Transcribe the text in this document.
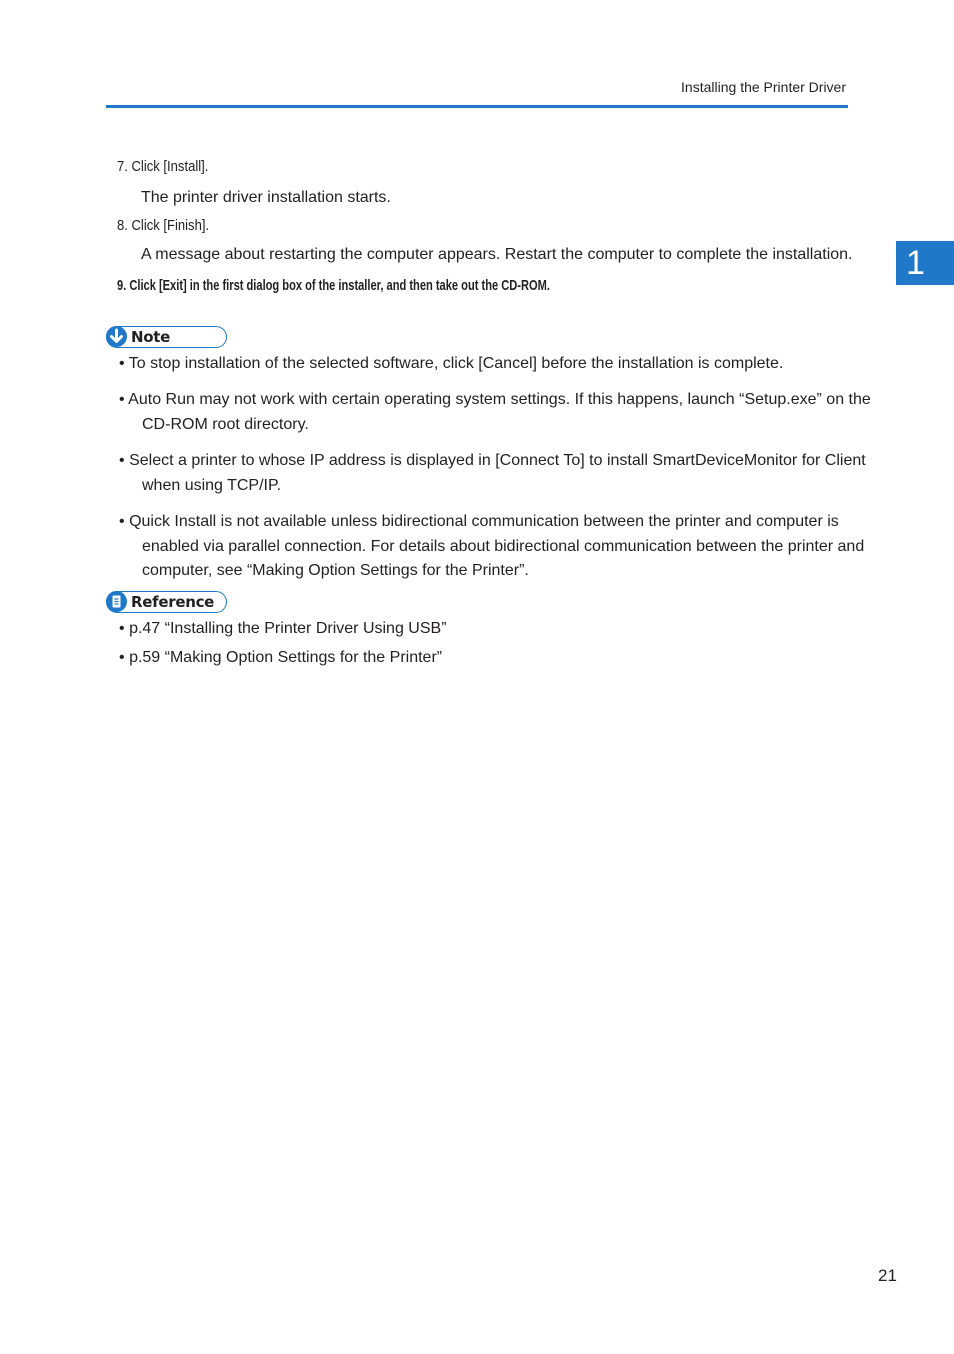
Installing the Printer Driver
1
7. Click [Install].
The printer driver installation starts.
8. Click [Finish].
A message about restarting the computer appears. Restart the computer to complete the installation.
9. Click [Exit] in the first dialog box of the installer, and then take out the CD-ROM.
Note
• To stop installation of the selected software, click [Cancel] before the installation is complete.
• Auto Run may not work with certain operating system settings. If this happens, launch “Setup.exe” on the
CD-ROM root directory.
• Select a printer to whose IP address is displayed in [Connect To] to install SmartDeviceMonitor for Client
when using TCP/IP.
• Quick Install is not available unless bidirectional communication between the printer and computer is
enabled via parallel connection. For details about bidirectional communication between the printer and
computer, see “Making Option Settings for the Printer”.
Reference
• p.47 “Installing the Printer Driver Using USB”
• p.59 “Making Option Settings for the Printer”
21
